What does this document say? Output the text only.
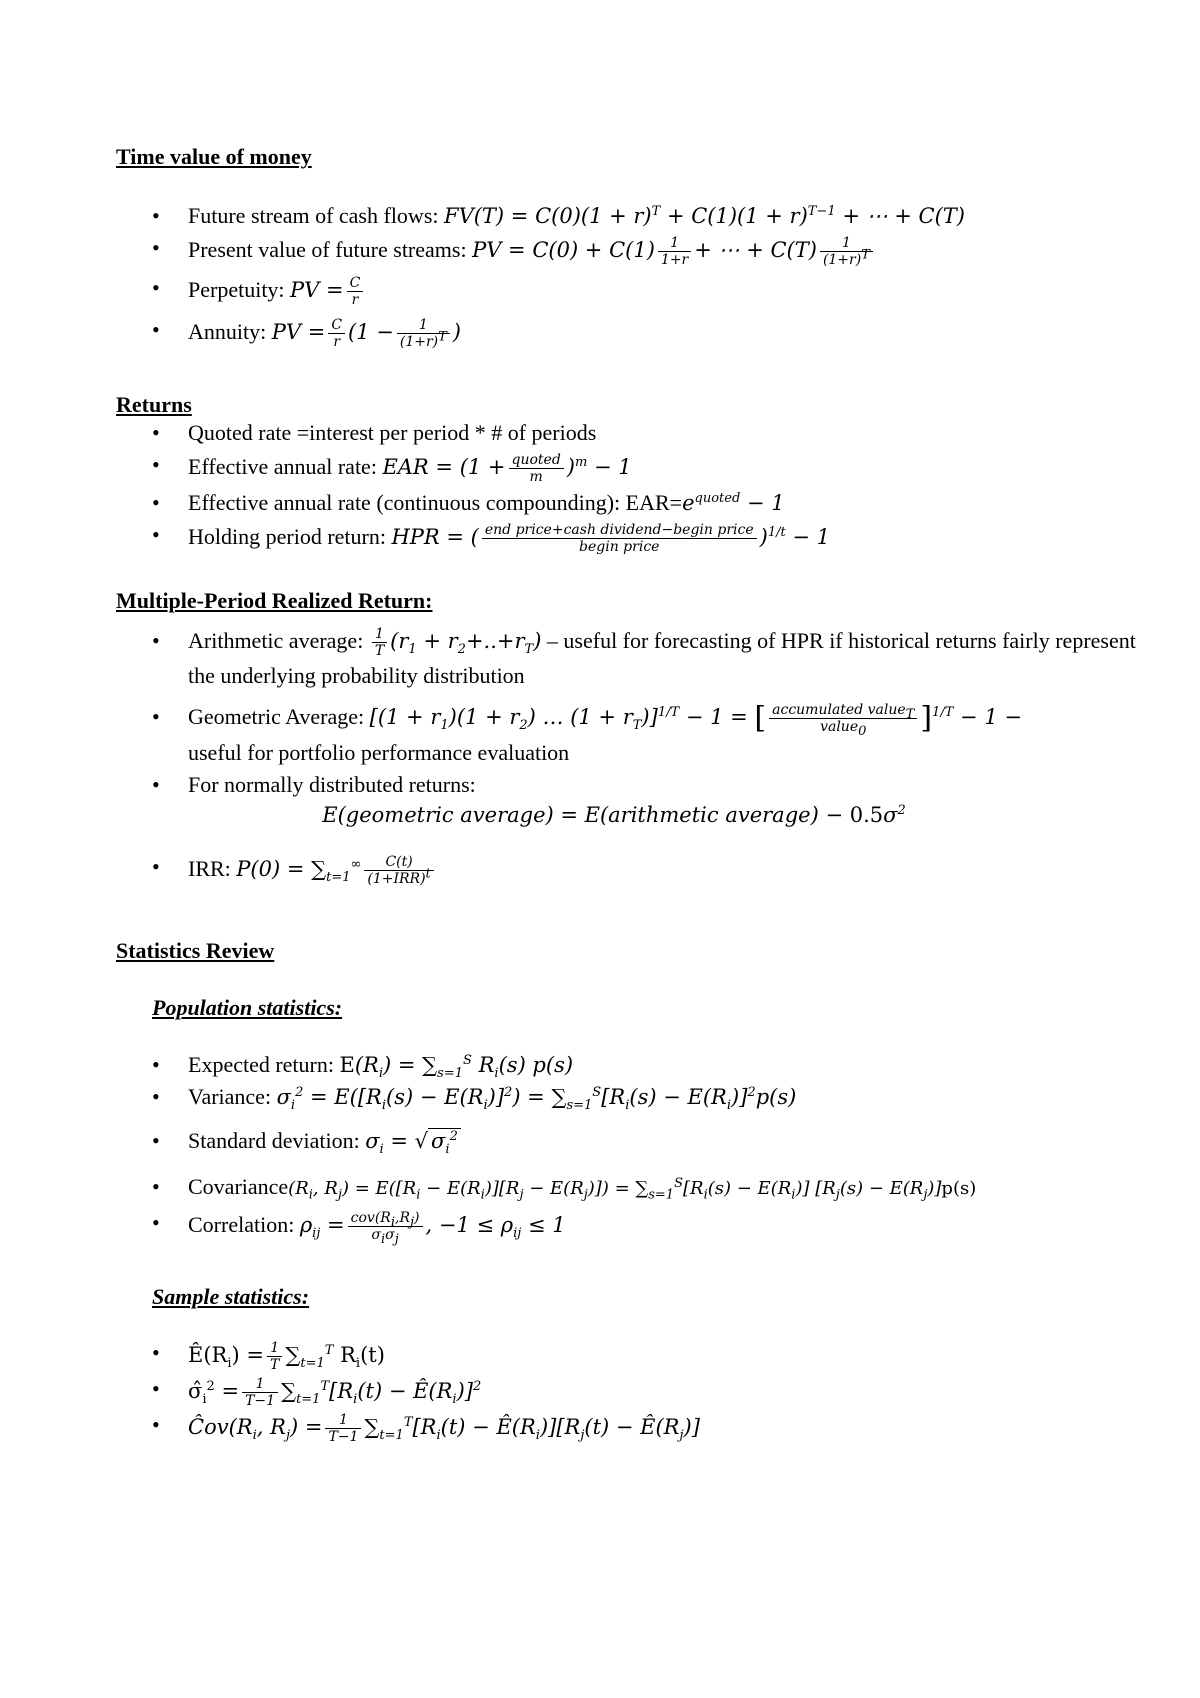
Time value of money
• Future stream of cash flows: $FV(T) = C(0)(1 + r)^T + C(1)(1 + r)^{T-1}$ + ⋯ + C(T)
• Present value of future streams: PV = $C(0) + C(1) \frac{1}{1+r}$ + ⋯ + $C(T) \frac{1}{(1+r)^T}$
• Perpetuity: PV = $\frac{C}{r}$
• Annuity: PV = $\frac{C}{r} (1 - \frac{1}{(1+r)^T}$ )
Returns
• Quoted rate =interest per period * # of periods
• Effective annual rate: EAR = $(1 + \frac{\text{quoted}}{m} )^m - 1$
• Effective annual rate (continuous compounding): $EAR=e^{quoted} - 1$
• Holding period return: HPR = ( $\frac{\text{end price+cash dividend−begin price}}{\text{begin price}} )^{1/t} - 1$
Multiple-Period Realized Return:
• Arithmetic average: $\frac{1}{T} (r_1 + r_2+..+r_T)$ – useful for forecasting of HPR if historical returns fairly represent the underlying probability distribution
• Geometric Average: [$(1 + r_1)(1 + r_2)$ … $(1 + r_T)]^{1/T} - 1$ = [ $\frac{accumulated value_T}{value_0} ]^{1/T} - 1$ −
useful for portfolio performance evaluation
• For normally distributed returns:
E(geometric average) = E(arithmetic average) − $0.5\sigma^2$
• IRR: $P(0) = \sum_{t=1}^\infty \frac{C(t)}{(1+IRR)^t}$
Statistics Review
Population statistics:
• Expected return: $E(R_i) = \sum_{s=1}^S$ $R_i(s)$ p(s)
• Variance: $\sigma_i^2 = E([R_i(s) - E(R_i)]^2) = \sum_{s=1}^S[R_i(s) - E(R_i)]^2p(s)$
• Standard deviation: $\sigma_i$ = √ $\sigma_i^2$
• $Covariance(R_i$, $R_j) = E([R_i - E(R_i)][R_j - E(R_j)]) = \sum_{s=1}^S[R_i(s) - E(R_i)] [R_j(s) - E(R_j)]p(s)$
• Correlation: $\rho_{ij} = \frac{cov(R_i,R_j)}{\sigma_i\sigma_j}$ , $-1 \le \rho_{ij} \le 1$
Sample statistics:
• $Ê(R_i) = \frac{1}{T} \sum_{t=1}^T$ $R_i(t)$
• $\sigmâ_i^2 = \frac{1}{T-1} \sum_{t=1}^T[R_i(t)$ − $Ê(R_i)]^2$
• $Ĉov(R_i$, $R_j) = \frac{1}{T-1} \sum_{t=1}^T[R_i(t)$ − $Ê(R_i)][R_j(t)$ − $Ê(R_j)$]
